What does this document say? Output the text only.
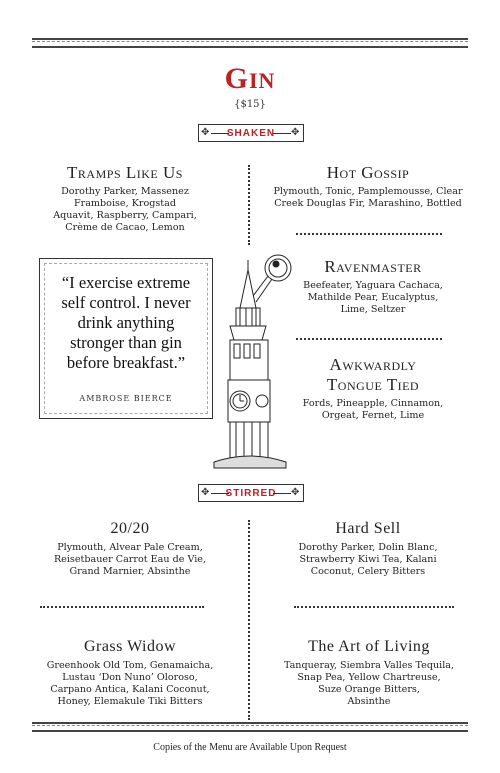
GIN
{$15}
✥ SHAKEN ✥
Tramps Like Us
Dorothy Parker, Massenez
Framboise, Krogstad
Aquavit, Raspberry, Campari,
Crème de Cacao, Lemon
Hot Gossip
Plymouth, Tonic, Pamplemousse, Clear
Creek Douglas Fir, Marashino, Bottled
Ravenmaster
Beefeater, Yaguara Cachaca,
Mathilde Pear, Eucalyptus,
Lime, Seltzer
Awkwardly
Tongue Tied
Fords, Pineapple, Cinnamon,
Orgeat, Fernet, Lime
“I exercise extreme
self control. I never
drink anything
stronger than gin
before breakfast.”
AMBROSE BIERCE
✥ STIRRED ✥
20/20
Plymouth, Alvear Pale Cream,
Reisetbauer Carrot Eau de Vie,
Grand Marnier, Absinthe
Hard Sell
Dorothy Parker, Dolin Blanc,
Strawberry Kiwi Tea, Kalani
Coconut, Celery Bitters
Grass Widow
Greenhook Old Tom, Genamaicha,
Lustau ‘Don Nuno’ Oloroso,
Carpano Antica, Kalani Coconut,
Honey, Elemakule Tiki Bitters
The Art of Living
Tanqueray, Siembra Valles Tequila,
Snap Pea, Yellow Chartreuse,
Suze Orange Bitters,
Absinthe
Copies of the Menu are Available Upon Request
